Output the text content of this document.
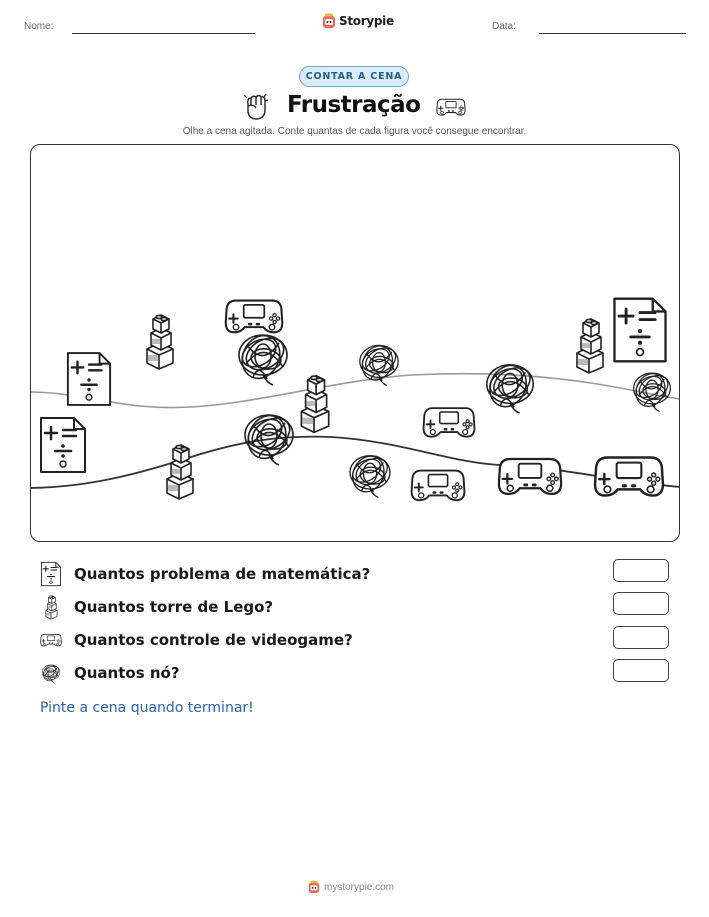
Nome:	Storypie	Data:
CONTAR A CENA
Frustração
Olhe a cena agitada. Conte quantas de cada figura você consegue encontrar.
Quantos problema de matemática?
Quantos torre de Lego?
Quantos controle de videogame?
Quantos nó?
Pinte a cena quando terminar!
mystorypie.com
